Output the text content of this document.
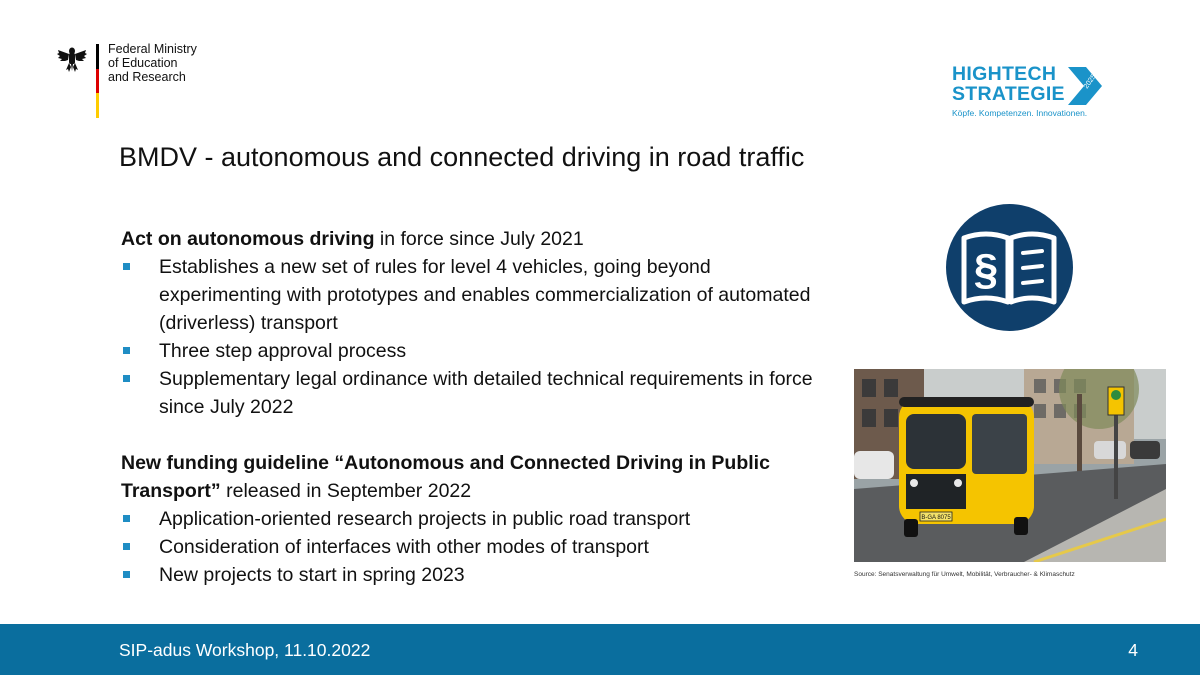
Federal Ministry
of Education
and Research	HIGHTECH
STRATEGIE
2025
Köpfe. Kompetenzen. Innovationen.
BMDV - autonomous and connected driving in road traffic

Act on autonomous driving in force since July 2021

Establishes a new set of rules for level 4 vehicles, going beyond experimenting with prototypes and enables commercialization of automated (driverless) transport
Three step approval process
Supplementary legal ordinance with detailed technical requirements in force since July 2022

New funding guideline “Autonomous and Connected Driving in Public Transport” released in September 2022

Application-oriented research projects in public road transport
Consideration of interfaces with other modes of transport
New projects to start in spring 2023
§
B-GA 8075
Source: Senatsverwaltung für Umwelt, Mobilität, Verbraucher- & Klimaschutz
SIP-adus Workshop, 11.10.2022	4
